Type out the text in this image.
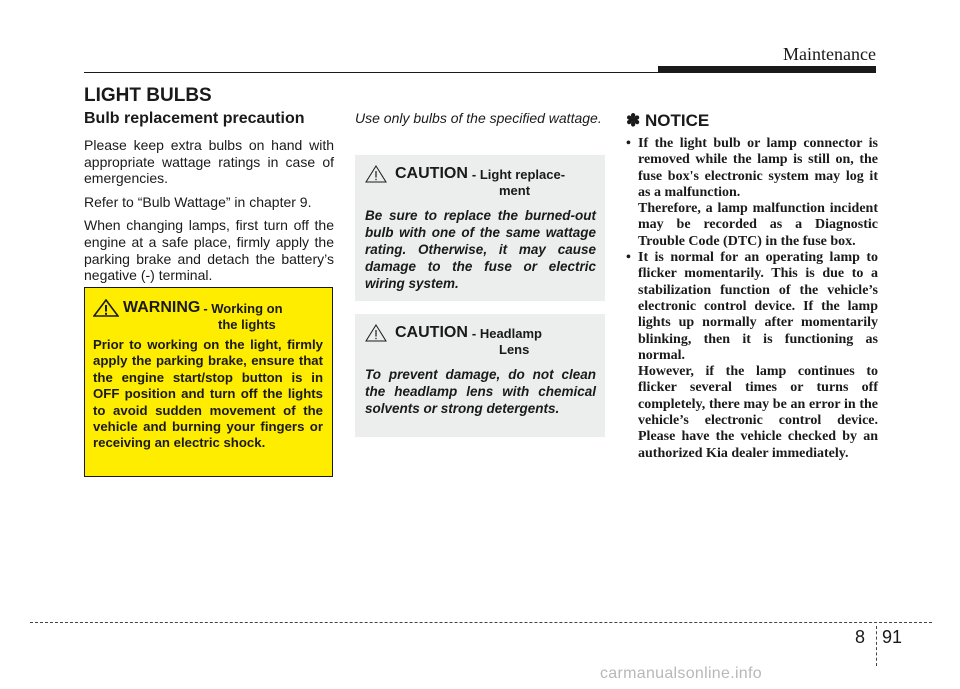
Maintenance
LIGHT BULBS
Bulb replacement precaution

Please keep extra bulbs on hand with appropriate wattage ratings in case of emergencies.

Refer to “Bulb Wattage” in chapter 9.

When changing lamps, first turn off the engine at a safe place, firmly apply the parking brake and detach the battery’s negative (-) terminal.

WARNING - Working on
the lights
Prior to working on the light, firmly apply the parking brake, ensure that the engine start/stop button is in OFF position and turn off the lights to avoid sudden movement of the vehicle and burning your fingers or receiving an electric shock.
Use only bulbs of the specified wattage.
CAUTION - Light replace-
ment
Be sure to replace the burned-out bulb with one of the same wattage rating. Otherwise, it may cause damage to the fuse or electric wiring system.
CAUTION - Headlamp
Lens
To prevent damage, do not clean the headlamp lens with chemical solvents or strong detergents.
✽ NOTICE
• If the light bulb or lamp connector is removed while the lamp is still on, the fuse box's electronic system may log it as a malfunction.

Therefore, a lamp malfunction incident may be recorded as a Diagnostic Trouble Code (DTC) in the fuse box.

• It is normal for an operating lamp to flicker momentarily. This is due to a stabilization function of the vehicle’s electronic control device. If the lamp lights up normally after momentarily blinking, then it is functioning as normal.

However, if the lamp continues to flicker several times or turns off completely, there may be an error in the vehicle’s electronic control device. Please have the vehicle checked by an authorized Kia dealer immediately.

8 91
carmanualsonline.info
